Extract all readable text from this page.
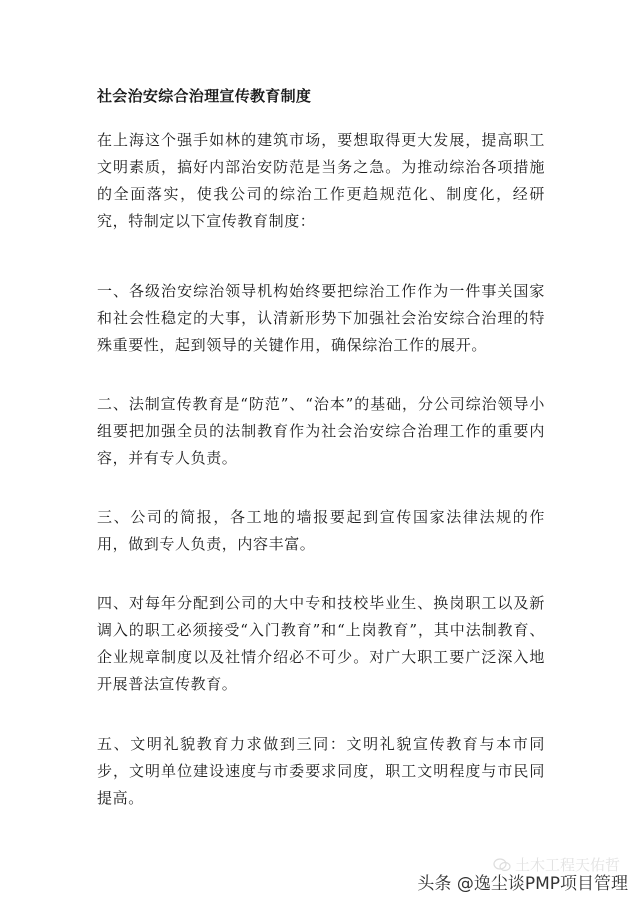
社会治安综合治理宣传教育制度

在上海这个强手如林的建筑市场，要想取得更大发展，提高职工文明素质，搞好内部治安防范是当务之急。为推动综治各项措施的全面落实，使我公司的综治工作更趋规范化、制度化，经研究，特制定以下宣传教育制度：

一、各级治安综治领导机构始终要把综治工作作为一件事关国家和社会性稳定的大事，认清新形势下加强社会治安综合治理的特殊重要性，起到领导的关键作用，确保综治工作的展开。

二、法制宣传教育是“防范”、“治本”的基础，分公司综治领导小组要把加强全员的法制教育作为社会治安综合治理工作的重要内容，并有专人负责。

三、公司的简报，各工地的墙报要起到宣传国家法律法规的作用，做到专人负责，内容丰富。

四、对每年分配到公司的大中专和技校毕业生、换岗职工以及新调入的职工必须接受“入门教育”和“上岗教育”，其中法制教育、企业规章制度以及社情介绍必不可少。对广大职工要广泛深入地开展普法宣传教育。

五、文明礼貌教育力求做到三同：文明礼貌宣传教育与本市同步，文明单位建设速度与市委要求同度，职工文明程度与市民同提高。

土木工程天佑哲
头条 @逸尘谈PMP项目管理
